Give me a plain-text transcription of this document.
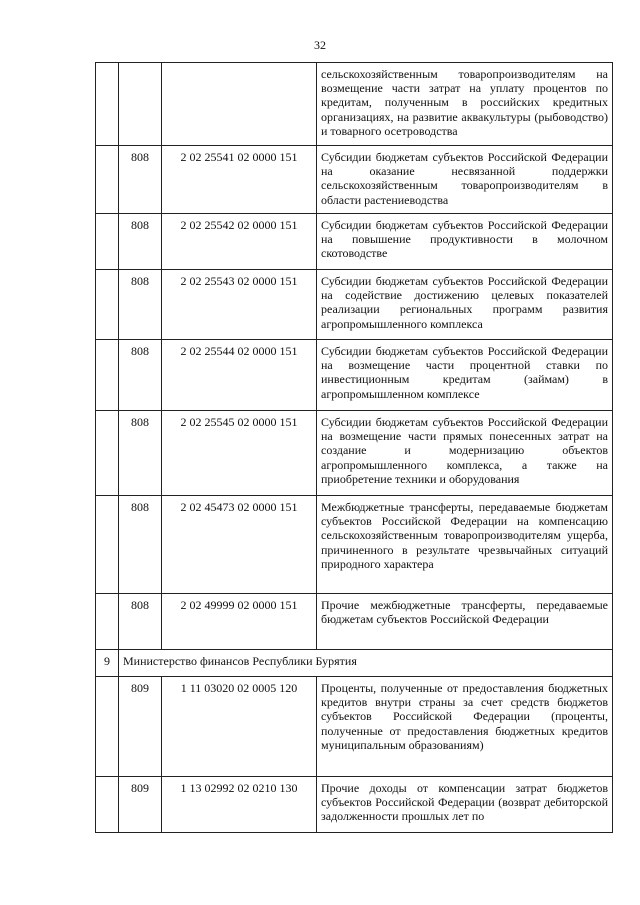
32
			сельскохозяйственным товаропроизводителям на возмещение части затрат на уплату процентов по кредитам, полученным в российских кредитных организациях, на развитие аквакультуры (рыбоводство) и товарного осетроводства
	808	2 02 25541 02 0000 151	Субсидии бюджетам субъектов Российской Федерации на оказание несвязанной поддержки сельскохозяйственным товаропроизводителям в области растениеводства
	808	2 02 25542 02 0000 151	Субсидии бюджетам субъектов Российской Федерации на повышение продуктивности в молочном скотоводстве
	808	2 02 25543 02 0000 151	Субсидии бюджетам субъектов Российской Федерации на содействие достижению целевых показателей реализации региональных программ развития агропромышленного комплекса
	808	2 02 25544 02 0000 151	Субсидии бюджетам субъектов Российской Федерации на возмещение части процентной ставки по инвестиционным кредитам (займам) в агропромышленном комплексе
	808	2 02 25545 02 0000 151	Субсидии бюджетам субъектов Российской Федерации на возмещение части прямых понесенных затрат на создание и модернизацию объектов агропромышленного комплекса, а также на приобретение техники и оборудования
	808	2 02 45473 02 0000 151	Межбюджетные трансферты, передаваемые бюджетам субъектов Российской Федерации на компенсацию сельскохозяйственным товаропроизводителям ущерба, причиненного в результате чрезвычайных ситуаций природного характера
	808	2 02 49999 02 0000 151	Прочие межбюджетные трансферты, передаваемые бюджетам субъектов Российской Федерации
9	Министерство финансов Республики Бурятия		
	809	1 11 03020 02 0005 120	Проценты, полученные от предоставления бюджетных кредитов внутри страны за счет средств бюджетов субъектов Российской Федерации (проценты, полученные от предоставления бюджетных кредитов муниципальным образованиям)
	809	1 13 02992 02 0210 130	Прочие доходы от компенсации затрат бюджетов субъектов Российской Федерации (возврат дебиторской задолженности прошлых лет по
